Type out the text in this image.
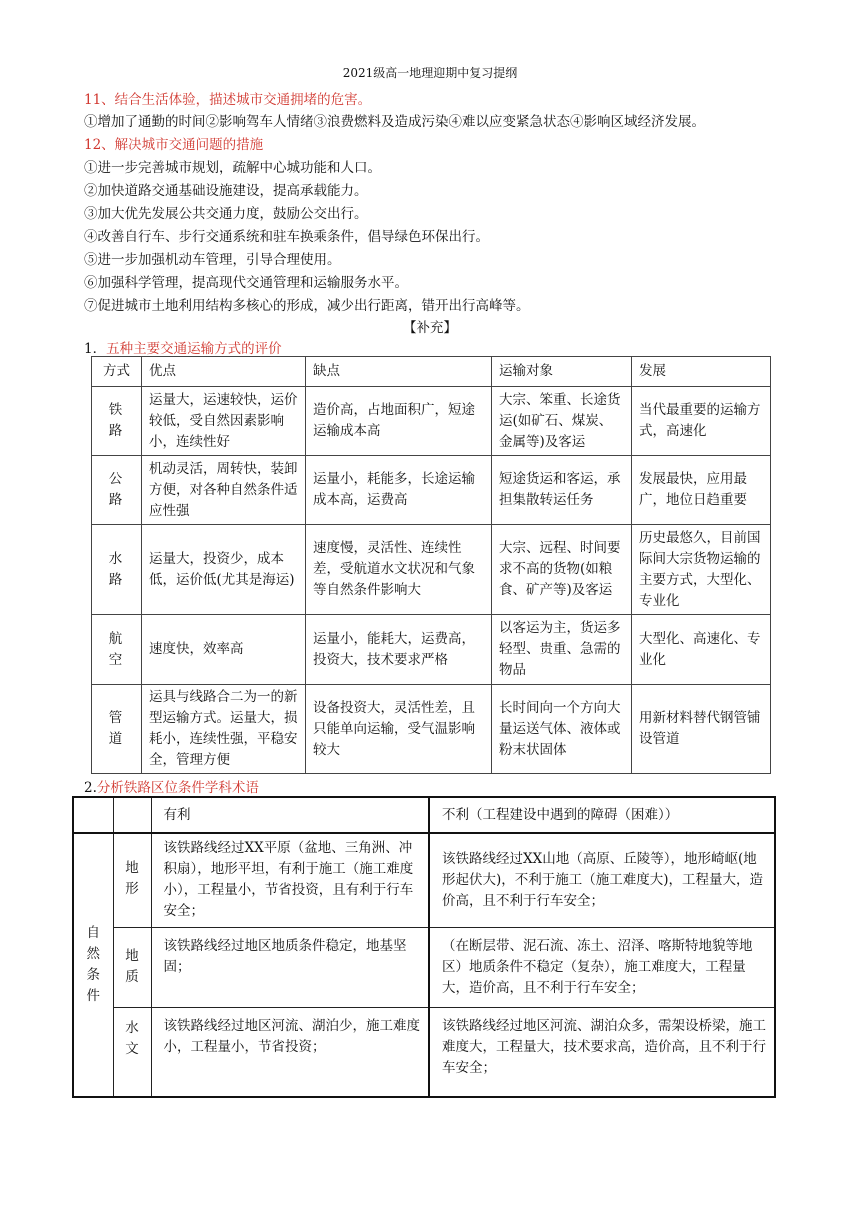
2021级高一地理迎期中复习提纲
11、结合生活体验，描述城市交通拥堵的危害。
①增加了通勤的时间②影响驾车人情绪③浪费燃料及造成污染④难以应变紧急状态④影响区域经济发展。
12、解决城市交通问题的措施
①进一步完善城市规划，疏解中心城功能和人口。
②加快道路交通基础设施建设，提高承载能力。
③加大优先发展公共交通力度，鼓励公交出行。
④改善自行车、步行交通系统和驻车换乘条件，倡导绿色环保出行。
⑤进一步加强机动车管理，引导合理使用。
⑥加强科学管理，提高现代交通管理和运输服务水平。
⑦促进城市土地利用结构多核心的形成，减少出行距离，错开出行高峰等。
【补充】
1．五种主要交通运输方式的评价
方式	优点	缺点	运输对象	发展
铁
路	运量大，运速较快，运价较低，受自然因素影响小，连续性好	造价高，占地面积广，短途运输成本高	大宗、笨重、长途货运(如矿石、煤炭、金属等)及客运	当代最重要的运输方式，高速化
公
路	机动灵活，周转快，装卸方便，对各种自然条件适应性强	运量小，耗能多，长途运输成本高，运费高	短途货运和客运，承担集散转运任务	发展最快，应用最广，地位日趋重要
水
路	运量大，投资少，成本低，运价低(尤其是海运)	速度慢，灵活性、连续性差，受航道水文状况和气象等自然条件影响大	大宗、远程、时间要求不高的货物(如粮食、矿产等)及客运	历史最悠久，目前国际间大宗货物运输的主要方式，大型化、专业化
航
空	速度快，效率高	运量小，能耗大，运费高，投资大，技术要求严格	以客运为主，货运多轻型、贵重、急需的物品	大型化、高速化、专业化
管
道	运具与线路合二为一的新型运输方式。运量大，损耗小，连续性强，平稳安全，管理方便	设备投资大，灵活性差，且只能单向运输，受气温影响较大	长时间向一个方向大量运送气体、液体或粉末状固体	用新材料替代钢管铺设管道
2.分析铁路区位条件学科术语
		有利	不利（工程建设中遇到的障碍（困难））

自
然
条
件	地
形	该铁路线经过XX平原（盆地、三角洲、冲积扇），地形平坦，有利于施工（施工难度小），工程量小，节省投资，且有利于行车安全；	该铁路线经过XX山地（高原、丘陵等），地形崎岖(地形起伏大)，不利于施工（施工难度大)，工程量大，造价高，且不利于行车安全；

	地
质	该铁路线经过地区地质条件稳定，地基坚固；	（在断层带、泥石流、冻土、沼泽、喀斯特地貌等地区）地质条件不稳定（复杂），施工难度大，工程量大，造价高，且不利于行车安全；

	水
文	该铁路线经过地区河流、湖泊少，施工难度小，工程量小，节省投资；	该铁路线经过地区河流、湖泊众多，需架设桥梁，施工难度大，工程量大，技术要求高，造价高，且不利于行车安全；
